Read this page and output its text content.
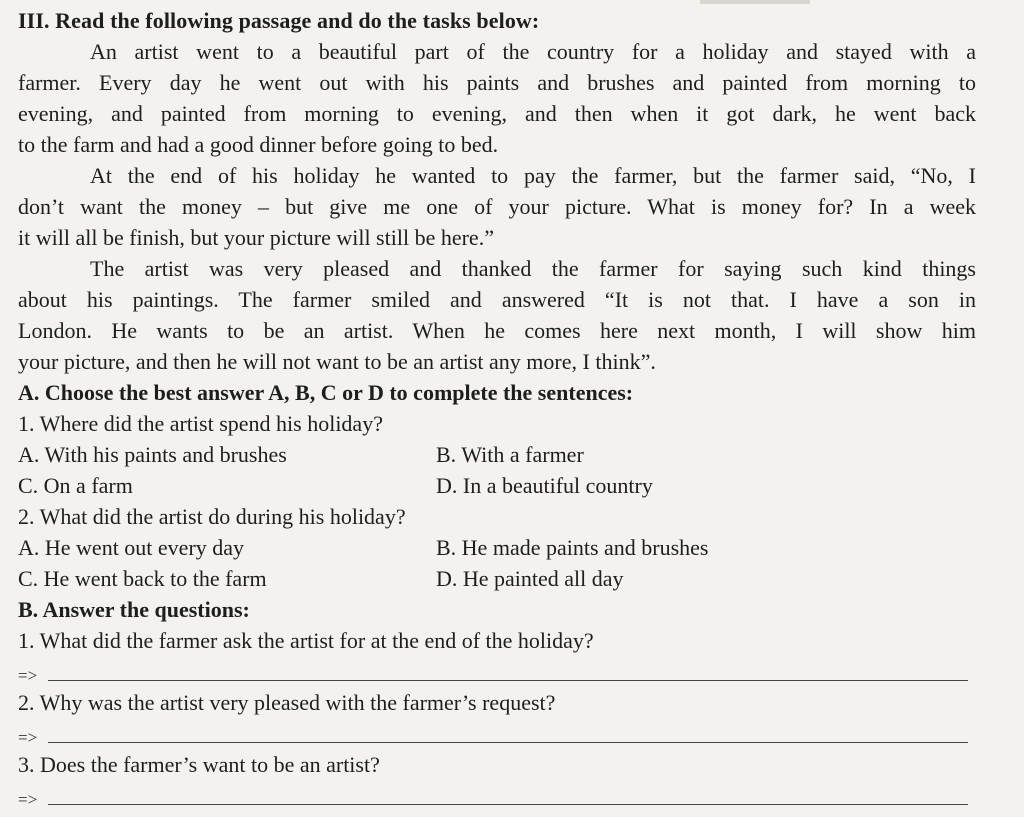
III. Read the following passage and do the tasks below:
An artist went to a beautiful part of the country for a holiday and stayed with a
farmer. Every day he went out with his paints and brushes and painted from morning to
evening, and painted from morning to evening, and then when it got dark, he went back
to the farm and had a good dinner before going to bed.
At the end of his holiday he wanted to pay the farmer, but the farmer said, “No, I
don’t want the money – but give me one of your picture. What is money for? In a week
it will all be finish, but your picture will still be here.”
The artist was very pleased and thanked the farmer for saying such kind things
about his paintings. The farmer smiled and answered “It is not that. I have a son in
London. He wants to be an artist. When he comes here next month, I will show him
your picture, and then he will not want to be an artist any more, I think”.
A. Choose the best answer A, B, C or D to complete the sentences:
1. Where did the artist spend his holiday?
A. With his paints and brushes	B. With a farmer
C. On a farm	D. In a beautiful country
2. What did the artist do during his holiday?
A. He went out every day	B. He made paints and brushes
C. He went back to the farm	D. He painted all day
B. Answer the questions:
1. What did the farmer ask the artist for at the end of the holiday?
=>
2. Why was the artist very pleased with the farmer’s request?
=>
3. Does the farmer’s want to be an artist?
=>
